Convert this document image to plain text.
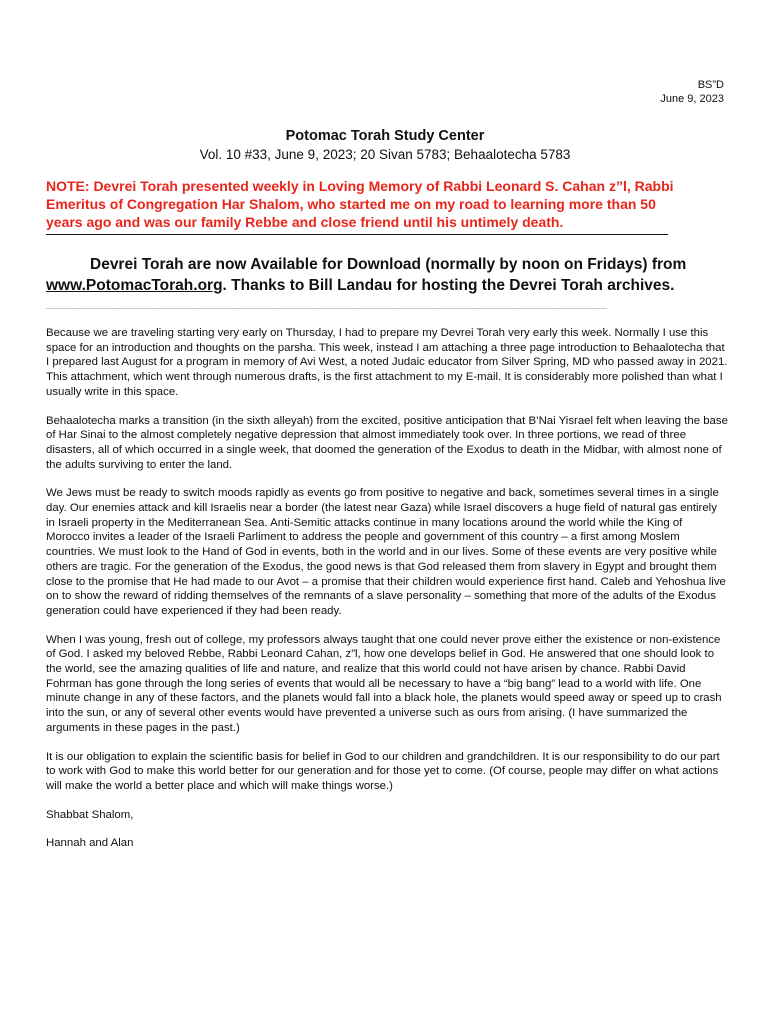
BS”D
June 9, 2023
Potomac Torah Study Center
Vol. 10 #33, June 9, 2023; 20 Sivan 5783; Behaalotecha 5783
NOTE: Devrei Torah presented weekly in Loving Memory of Rabbi Leonard S. Cahan z”l, Rabbi Emeritus of Congregation Har Shalom, who started me on my road to learning more than 50 years ago and was our family Rebbe and close friend until his untimely death.
Devrei Torah are now Available for Download (normally by noon on Fridays) from www.PotomacTorah.org. Thanks to Bill Landau for hosting the Devrei Torah archives.
____________________________________________________________________________________
Because we are traveling starting very early on Thursday, I had to prepare my Devrei Torah very early this week. Normally I use this space for an introduction and thoughts on the parsha. This week, instead I am attaching a three page introduction to Behaalotecha that I prepared last August for a program in memory of Avi West, a noted Judaic educator from Silver Spring, MD who passed away in 2021. This attachment, which went through numerous drafts, is the first attachment to my E-mail. It is considerably more polished than what I usually write in this space.
Behaalotecha marks a transition (in the sixth alleyah) from the excited, positive anticipation that B’Nai Yisrael felt when leaving the base of Har Sinai to the almost completely negative depression that almost immediately took over. In three portions, we read of three disasters, all of which occurred in a single week, that doomed the generation of the Exodus to death in the Midbar, with almost none of the adults surviving to enter the land.
We Jews must be ready to switch moods rapidly as events go from positive to negative and back, sometimes several times in a single day. Our enemies attack and kill Israelis near a border (the latest near Gaza) while Israel discovers a huge field of natural gas entirely in Israeli property in the Mediterranean Sea. Anti-Semitic attacks continue in many locations around the world while the King of Morocco invites a leader of the Israeli Parliment to address the people and government of this country – a first among Moslem countries. We must look to the Hand of God in events, both in the world and in our lives. Some of these events are very positive while others are tragic. For the generation of the Exodus, the good news is that God released them from slavery in Egypt and brought them close to the promise that He had made to our Avot – a promise that their children would experience first hand. Caleb and Yehoshua live on to show the reward of ridding themselves of the remnants of a slave personality – something that more of the adults of the Exodus generation could have experienced if they had been ready.
When I was young, fresh out of college, my professors always taught that one could never prove either the existence or non-existence of God. I asked my beloved Rebbe, Rabbi Leonard Cahan, z”l, how one develops belief in God. He answered that one should look to the world, see the amazing qualities of life and nature, and realize that this world could not have arisen by chance. Rabbi David Fohrman has gone through the long series of events that would all be necessary to have a “big bang” lead to a world with life. One minute change in any of these factors, and the planets would fall into a black hole, the planets would speed away or speed up to crash into the sun, or any of several other events would have prevented a universe such as ours from arising. (I have summarized the arguments in these pages in the past.)
It is our obligation to explain the scientific basis for belief in God to our children and grandchildren. It is our responsibility to do our part to work with God to make this world better for our generation and for those yet to come. (Of course, people may differ on what actions will make the world a better place and which will make things worse.)
Shabbat Shalom,
Hannah and Alan
